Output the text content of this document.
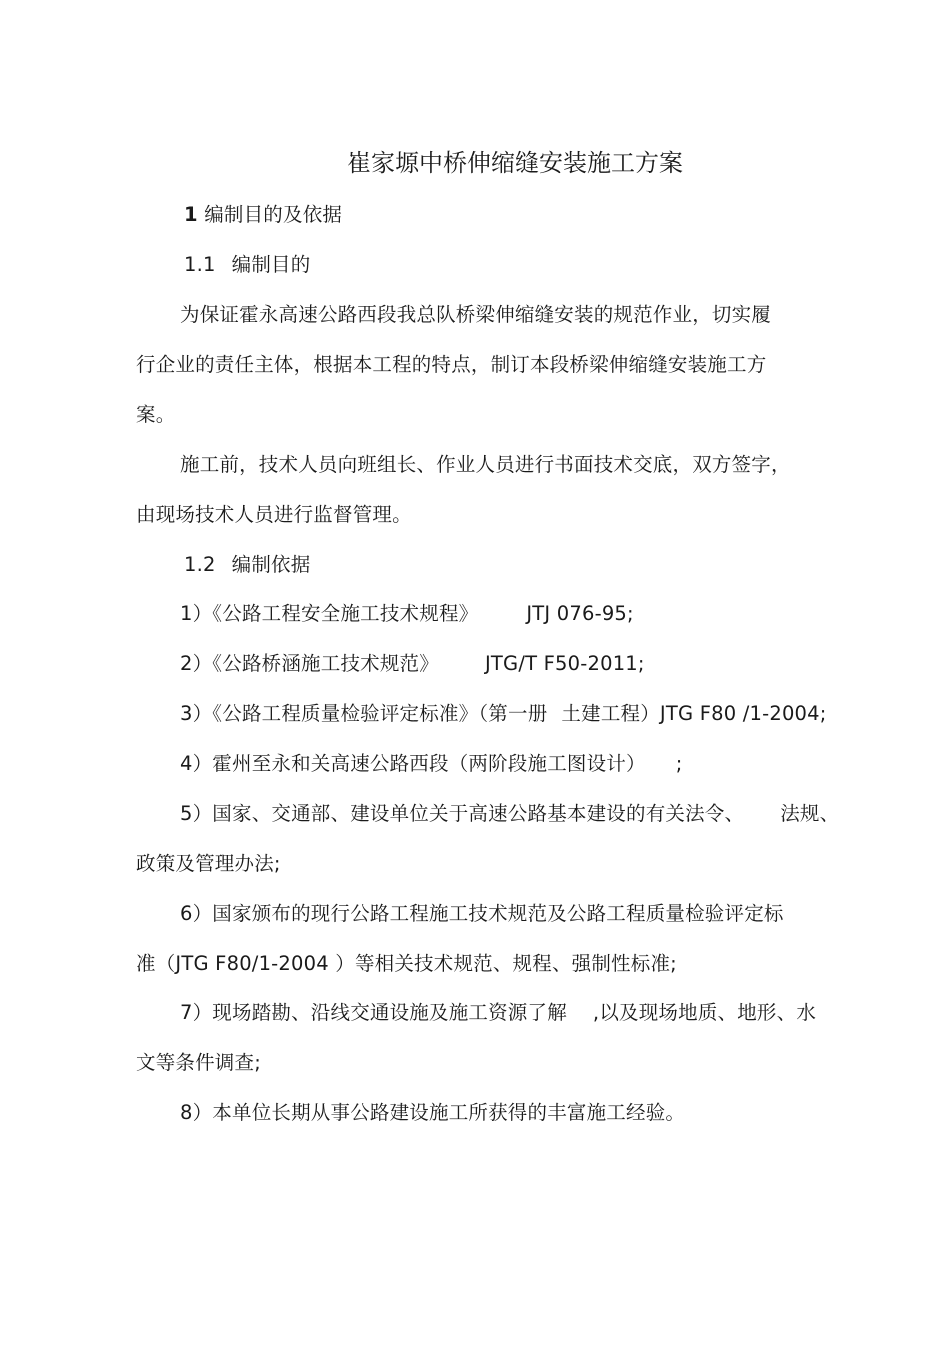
崔家塬中桥伸缩缝安装施工方案
1 编制目的及依据
1.1 编制目的
为保证霍永高速公路西段我总队桥梁伸缩缝安装的规范作业，切实履
行企业的责任主体，根据本工程的特点，制订本段桥梁伸缩缝安装施工方
案。
施工前，技术人员向班组长、作业人员进行书面技术交底，双方签字，
由现场技术人员进行监督管理。
1.2 编制依据
1）《公路工程安全施工技术规程》 JTJ 076-95;
2）《公路桥涵施工技术规范》 JTG/T F50-2011;
3）《公路工程质量检验评定标准》（第一册 土建工程）JTG F80 /1-2004;
4）霍州至永和关高速公路西段（两阶段施工图设计） ;
5）国家、交通部、建设单位关于高速公路基本建设的有关法令、 法规、
政策及管理办法;
6）国家颁布的现行公路工程施工技术规范及公路工程质量检验评定标
准（JTG F80/1-2004 ）等相关技术规范、规程、强制性标准;
7）现场踏勘、沿线交通设施及施工资源了解 ,以及现场地质、地形、水
文等条件调查;
8）本单位长期从事公路建设施工所获得的丰富施工经验。
